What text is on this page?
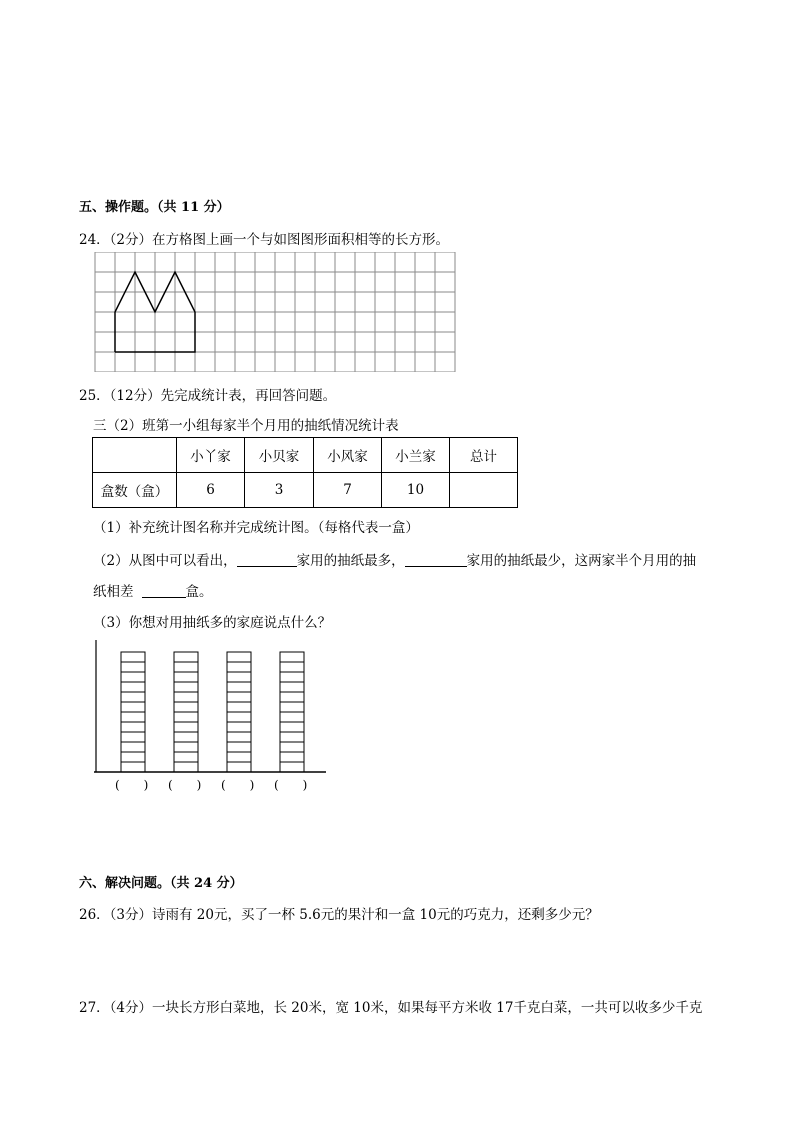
五、操作题。（共 11 分）
24．（2分）在方格图上画一个与如图图形面积相等的长方形。
25．（12分）先完成统计表，再回答问题。
三（2）班第一小组每家半个月用的抽纸情况统计表
	小丫家	小贝家	小风家	小兰家	总计
盒数（盒）	6	3	7	10	
（1）补充统计图名称并完成统计图。（每格代表一盒）
（2）从图中可以看出，	家用的抽纸最多，	家用的抽纸最少，这两家半个月用的抽
纸相差	盒。
（3）你想对用抽纸多的家庭说点什么？
(　　) (　　) (　　) (　　)
六、解决问题。（共 24 分）
26．（3分）诗雨有 20元，买了一杯 5.6元的果汁和一盒 10元的巧克力，还剩多少元？
27．（4分）一块长方形白菜地，长 20米，宽 10米，如果每平方米收 17千克白菜，一共可以收多少千克
